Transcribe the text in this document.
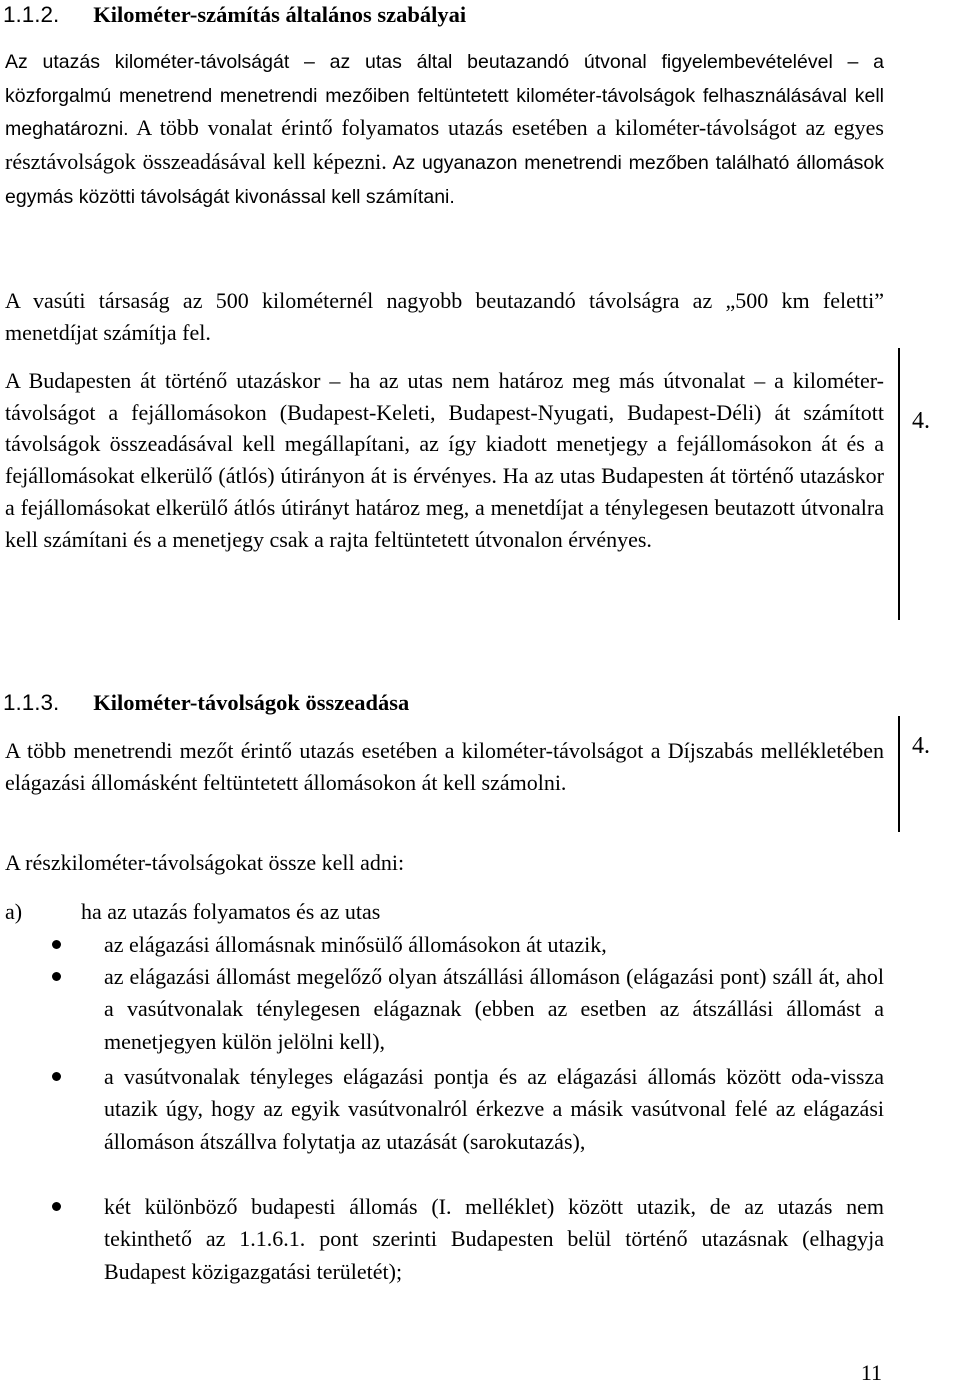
1.1.2. Kilométer-számítás általános szabályai
Az utazás kilométer-távolságát – az utas által beutazandó útvonal figyelembevételével – a közforgalmú menetrend menetrendi mezőiben feltüntetett kilométer-távolságok felhasználásával kell meghatározni. A több vonalat érintő folyamatos utazás esetében a kilométer-távolságot az egyes résztávolságok összeadásával kell képezni. Az ugyanazon menetrendi mezőben található állomások egymás közötti távolságát kivonással kell számítani.
A vasúti társaság az 500 kilométernél nagyobb beutazandó távolságra az „500 km feletti” menetdíjat számítja fel.
A Budapesten át történő utazáskor – ha az utas nem határoz meg más útvonalat – a kilométer-távolságot a fejállomásokon (Budapest-Keleti, Budapest-Nyugati, Budapest-Déli) át számított távolságok összeadásával kell megállapítani, az így kiadott menetjegy a fejállomásokon át és a fejállomásokat elkerülő (átlós) útirányon át is érvényes. Ha az utas Budapesten át történő utazáskor a fejállomásokat elkerülő átlós útirányt határoz meg, a menetdíjat a ténylegesen beutazott útvonalra kell számítani és a menetjegy csak a rajta feltüntetett útvonalon érvényes.
4.
1.1.3. Kilométer-távolságok összeadása
A több menetrendi mezőt érintő utazás esetében a kilométer-távolságot a Díjszabás mellékletében elágazási állomásként feltüntetett állomásokon át kell számolni.
4.
A részkilométer-távolságokat össze kell adni:
a)	ha az utazás folyamatos és az utas
az elágazási állomásnak minősülő állomásokon át utazik,
az elágazási állomást megelőző olyan átszállási állomáson (elágazási pont) száll át, ahol a vasútvonalak ténylegesen elágaznak (ebben az esetben az átszállási állomást a menetjegyen külön jelölni kell),
a vasútvonalak tényleges elágazási pontja és az elágazási állomás között oda-vissza utazik úgy, hogy az egyik vasútvonalról érkezve a másik vasútvonal felé az elágazási állomáson átszállva folytatja az utazását (sarokutazás),
két különböző budapesti állomás (I. melléklet) között utazik, de az utazás nem tekinthető az 1.1.6.1. pont szerinti Budapesten belül történő utazásnak (elhagyja Budapest közigazgatási területét);
11
